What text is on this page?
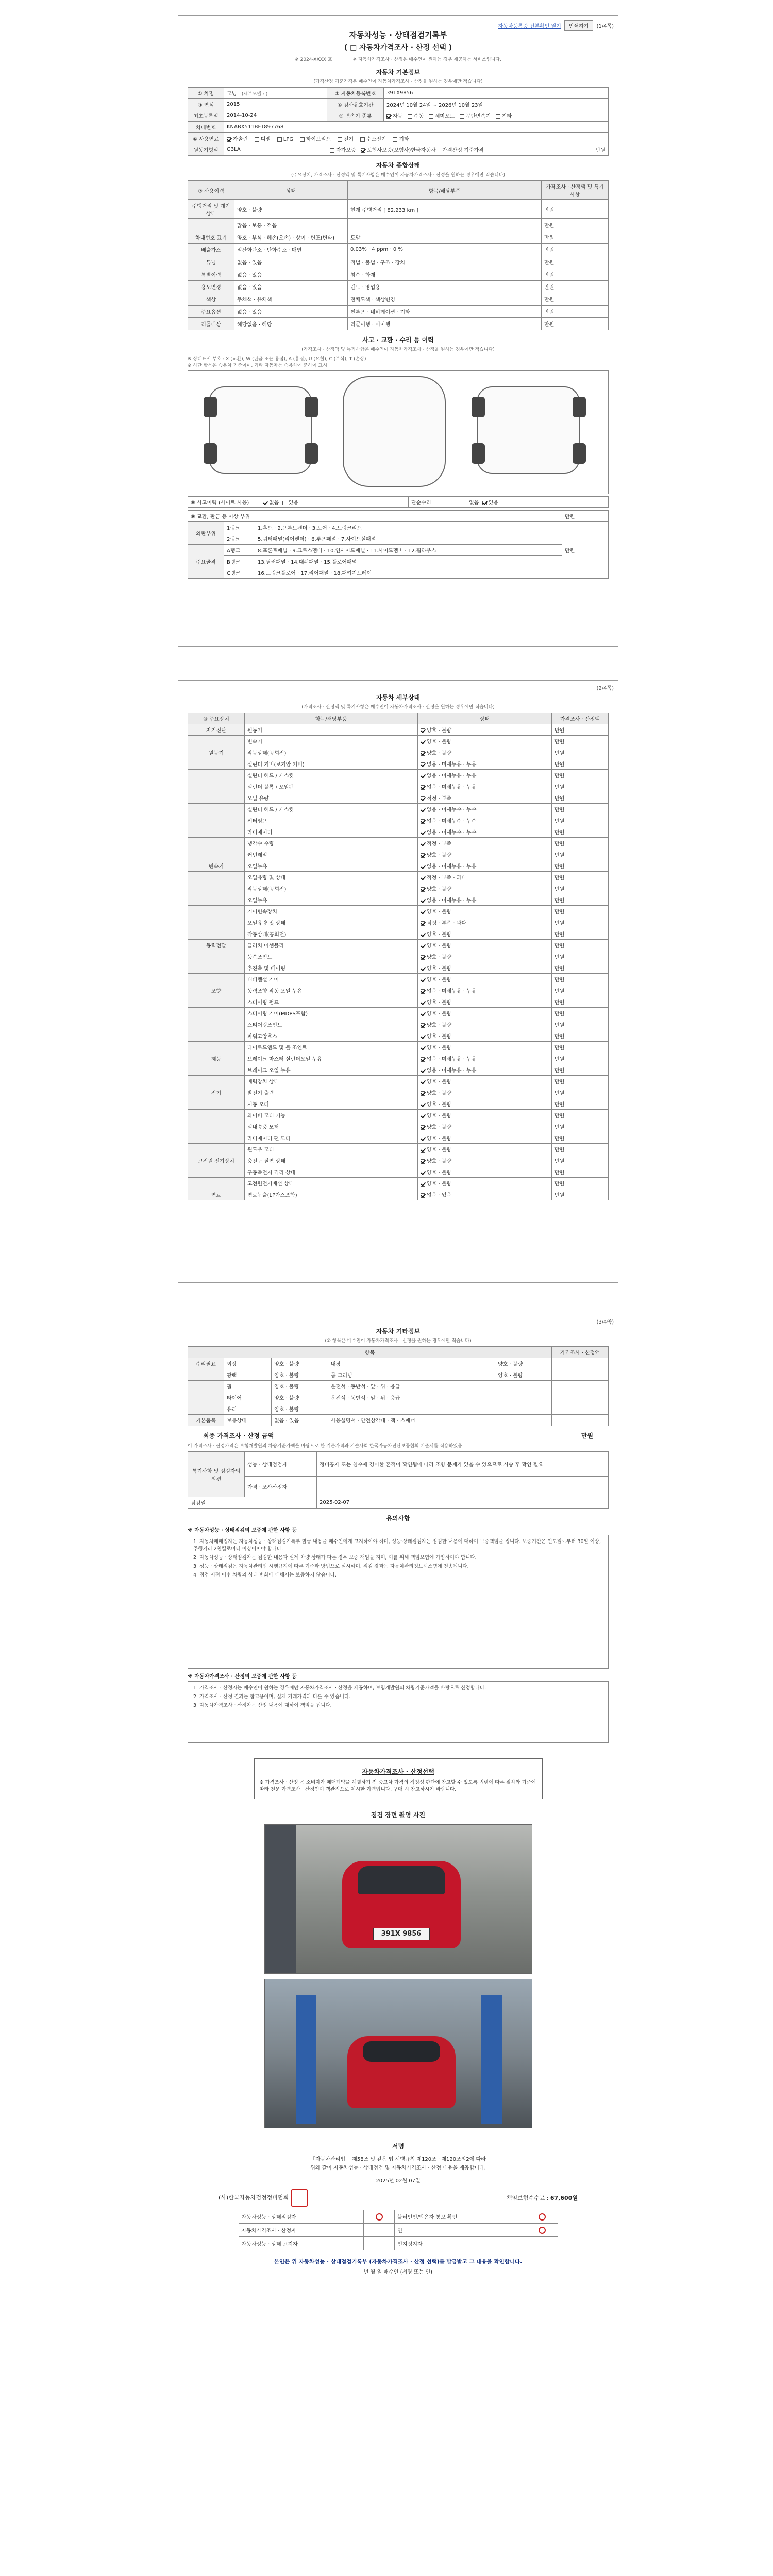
자동차등록증 진본확인 열기	인쇄하기	(1/4쪽)
자동차성능 · 상태점검기록부
( □ 자동차가격조사 · 산정 선택 )
※ 2024-XXXX 호	※ 자동차가격조사 · 산정은 매수인이 원하는 경우 제공하는 서비스입니다.
자동차 기본정보
(가격산정 기준가격은 매수인이 자동차가격조사 · 산정을 원하는 경우에만 적습니다)
① 차명	모닝 (세부모델 : )	② 자동차등록번호	391X9856
③ 연식	2015	④ 검사유효기간	2024년 10월 24일 ~ 2026년 10월 23일
최초등록일	2014-10-24	⑤ 변속기 종류	자동 수동 세미오토 무단변속기 기타
차대번호	KNABX511BFT897768		
⑥ 사용연료	가솔린 디젤 LPG 하이브리드 전기 수소전기 기타		
원동기형식	G3LA	자가보증 보험사보증(보험사)한국자동차 가격산정 기준가격 만원	
자동차 종합상태
(주요장치, 가격조사 · 산정액 및 특기사항은 매수인이 자동차가격조사 · 산정을 원하는 경우에만 적습니다)
⑦ 사용이력	상태	항목/해당부품	가격조사 · 산정액 및 특기사항
주행거리 및 계기상태	양호 · 불량	현재 주행거리 [ 82,233 km ]	만원
	많음 · 보통 · 적음		만원
차대번호 표기	양호 · 부식 · 훼손(오손) · 상이 · 변조(변타)	도말	만원
배출가스	일산화탄소 · 탄화수소 · 매연	0.03% · 4 ppm · 0 %	만원
튜닝	없음 · 있음	적법 · 불법 · 구조 · 장치	만원
특별이력	없음 · 있음	침수 · 화재	만원
용도변경	없음 · 있음	렌트 · 영업용	만원
색상	무채색 · 유채색	전체도색 · 색상변경	만원
주요옵션	없음 · 있음	썬루프 · 네비게이션 · 기타	만원
리콜대상	해당없음 · 해당	리콜이행 · 미이행	만원
사고 · 교환 · 수리 등 이력
(가격조사 · 산정액 및 특기사항은 매수인이 자동차가격조사 · 산정을 원하는 경우에만 적습니다)
※ 상태표시 부호 : X (교환), W (판금 또는 용접), A (흠집), U (요철), C (부식), T (손상)
※ 하단 항목은 승용차 기준이며, 기타 자동차는 승용차에 준하여 표시
⑧ 사고이력 (사이트 사용)	없음 있음	단순수리	없음 있음
⑨ 교환, 판금 등 이상 부위			만원
외판부위	1랭크	1.후드 · 2.프론트펜더 · 3.도어 · 4.트렁크리드	만원
	2랭크	5.쿼터패널(리어펜더) · 6.루프패널 · 7.사이드실패널	
주요골격	A랭크	8.프론트패널 · 9.크로스멤버 · 10.인사이드패널 · 11.사이드멤버 · 12.휠하우스	
	B랭크	13.필러패널 · 14.대쉬패널 · 15.플로어패널	
	C랭크	16.트렁크플로어 · 17.리어패널 · 18.패키지트레이	
(2/4쪽)
자동차 세부상태
(가격조사 · 산정액 및 특기사항은 매수인이 자동차가격조사 · 산정을 원하는 경우에만 적습니다)
⑩ 주요장치	항목/해당부품	상태	가격조사 · 산정액
자기진단	원동기	양호 · 불량	만원
	변속기	양호 · 불량	만원
원동기	작동상태(공회전)	양호 · 불량	만원
	실린더 커버(로커암 커버)	없음 · 미세누유 · 누유	만원
	실린더 헤드 / 개스킷	없음 · 미세누유 · 누유	만원
	실린더 블록 / 오일팬	없음 · 미세누유 · 누유	만원
	오일 유량	적정 · 부족	만원
	실린더 헤드 / 개스킷	없음 · 미세누수 · 누수	만원
	워터펌프	없음 · 미세누수 · 누수	만원
	라디에이터	없음 · 미세누수 · 누수	만원
	냉각수 수량	적정 · 부족	만원
	커먼레일	양호 · 불량	만원
변속기	오일누유	없음 · 미세누유 · 누유	만원
	오일유량 및 상태	적정 · 부족 · 과다	만원
	작동상태(공회전)	양호 · 불량	만원
	오일누유	없음 · 미세누유 · 누유	만원
	기어변속장치	양호 · 불량	만원
	오일유량 및 상태	적정 · 부족 · 과다	만원
	작동상태(공회전)	양호 · 불량	만원
동력전달	클러치 어셈블리	양호 · 불량	만원
	등속조인트	양호 · 불량	만원
	추진축 및 베어링	양호 · 불량	만원
	디퍼렌셜 기어	양호 · 불량	만원
조향	동력조향 작동 오일 누유	없음 · 미세누유 · 누유	만원
	스티어링 펌프	양호 · 불량	만원
	스티어링 기어(MDPS포함)	양호 · 불량	만원
	스티어링조인트	양호 · 불량	만원
	파워고압호스	양호 · 불량	만원
	타이로드엔드 및 볼 조인트	양호 · 불량	만원
제동	브레이크 마스터 실린더오일 누유	없음 · 미세누유 · 누유	만원
	브레이크 오일 누유	없음 · 미세누유 · 누유	만원
	배력장치 상태	양호 · 불량	만원
전기	발전기 출력	양호 · 불량	만원
	시동 모터	양호 · 불량	만원
	와이퍼 모터 기능	양호 · 불량	만원
	실내송풍 모터	양호 · 불량	만원
	라디에이터 팬 모터	양호 · 불량	만원
	윈도우 모터	양호 · 불량	만원
고전원 전기장치	충전구 절연 상태	양호 · 불량	만원
	구동축전지 격리 상태	양호 · 불량	만원
	고전원전기배선 상태	양호 · 불량	만원
연료	연료누출(LP가스포함)	없음 · 있음	만원
(3/4쪽)
자동차 기타정보
(① 항목은 매수인이 자동차가격조사 · 산정을 원하는 경우에만 적습니다)
항목					가격조사 · 산정액
수리필요	외장	양호 · 불량	내장	양호 · 불량	
	광택	양호 · 불량	룸 크리닝	양호 · 불량	
	휠	양호 · 불량	운전석 · 동반석 · 앞 · 뒤 · 응급		
	타이어	양호 · 불량	운전석 · 동반석 · 앞 · 뒤 · 응급		
	유리	양호 · 불량			
기본품목	보유상태	없음 · 있음	사용설명서 · 안전삼각대 · 잭 · 스패너		
최종 가격조사 · 산정 금액	만원
이 가격조사 · 산정가격은 보험개발원의 차량기준가액을 바탕으로 한 기준가격과 기술사회 한국자동차진단보증협회 기준서를 적용하였음
특기사항 및 점검자의 의견	성능 · 상태점검자	정비공제 또는 침수에 경미한 흔적이 확인됨에 따라 조향 문제가 있을 수 있으므로 시승 후 확인 필요
	가격 · 조사산정자	
점검일		2025-02-07
유의사항
※ 자동차성능 · 상태점검의 보증에 관한 사항 등

1. 자동차매매업자는 자동차성능 · 상태점검기록부 발급 내용을 매수인에게 고지하여야 하며, 성능·상태점검자는 점검한 내용에 대하여 보증책임을 집니다. 보증기간은 인도일로부터 30일 이상, 주행거리 2천킬로미터 이상이어야 합니다.

2. 자동차성능 · 상태점검자는 점검한 내용과 실제 차량 상태가 다른 경우 보증 책임을 지며, 이를 위해 책임보험에 가입하여야 합니다.

3. 성능 · 상태점검은 자동차관리법 시행규칙에 따른 기준과 방법으로 실시하며, 점검 결과는 자동차관리정보시스템에 전송됩니다.

4. 점검 시점 이후 차량의 상태 변화에 대해서는 보증하지 않습니다.

※ 자동차가격조사 · 산정의 보증에 관한 사항 등

1. 가격조사 · 산정자는 매수인이 원하는 경우에만 자동차가격조사 · 산정을 제공하며, 보험개발원의 차량기준가액을 바탕으로 산정합니다.

2. 가격조사 · 산정 결과는 참고용이며, 실제 거래가격과 다를 수 있습니다.

3. 자동차가격조사 · 산정자는 산정 내용에 대하여 책임을 집니다.

자동차가격조사 · 산정선택
※ 가격조사 · 산정 은 소비자가 매매계약을 체결하기 전 중고차 가격의 적정성 판단에 참고할 수 있도록 법령에 따른 절차와 기준에 따라 전문 가격조사 · 산정인이 객관적으로 제시한 가격입니다. 구매 시 참고하시기 바랍니다.
점검 장면 촬영 사진
391X 9856
서명
「자동차관리법」 제58조 및 같은 법 시행규칙 제120조 · 제120조의2에 따라
위와 같이 자동차성능 · 상태점검 및 자동차가격조사 · 산정 내용을 제공합니다.
2025년 02월 07일
(사)한국자동차검정정비협회	책임보험수수료 : 67,600원
자동차성능 · 상태점검자		불러인인/받은자 통보 확인	
자동차가격조사 · 산정자		인	
자동차성능 · 상태 고지자		인지정지자	
본인은 위 자동차성능 · 상태점검기록부 (자동차가격조사 · 산정 선택)를 발급받고 그 내용을 확인합니다.
년 월 일 매수인 (서명 또는 인)
